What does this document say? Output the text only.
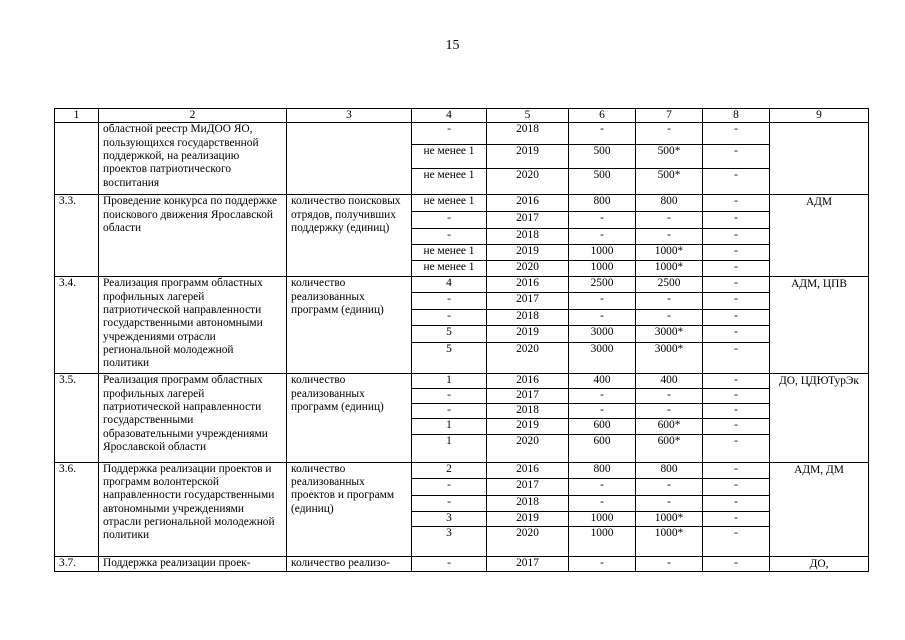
15
1	2	3	4	5	6	7	8	9
	областной реестр МиДОО ЯО, пользующихся государственной поддержкой, на реализацию проектов патриотического воспитания		-	2018	-	-	-	
			не менее 1	2019	500	500*	-	
			не менее 1	2020	500	500*	-	
3.3.	Проведение конкурса по поддержке поискового движения Ярославской области	количество поисковых отрядов, получивших поддержку (единиц)	не менее 1	2016	800	800	-	АДМ
			-	2017	-	-	-	
			-	2018	-	-	-	
			не менее 1	2019	1000	1000*	-	
			не менее 1	2020	1000	1000*	-	
3.4.	Реализация программ областных профильных лагерей патриотической направленности государственными автономными учреждениями отрасли региональной молодежной политики	количество реализованных программ (единиц)	4	2016	2500	2500	-	АДМ, ЦПВ
			-	2017	-	-	-	
			-	2018	-	-	-	
			5	2019	3000	3000*	-	
			5	2020	3000	3000*	-	
3.5.	Реализация программ областных профильных лагерей патриотической направленности государственными образовательными учреждениями Ярославской области	количество реализованных программ (единиц)	1	2016	400	400	-	ДО, ЦДЮТурЭк
			-	2017	-	-	-	
			-	2018	-	-	-	
			1	2019	600	600*	-	
			1	2020	600	600*	-	
3.6.	Поддержка реализации проектов и программ волонтерской направленности государственными автономными учреждениями отрасли региональной молодежной политики	количество реализованных проектов и программ (единиц)	2	2016	800	800	-	АДМ, ДМ
			-	2017	-	-	-	
			-	2018	-	-	-	
			3	2019	1000	1000*	-	
			3	2020	1000	1000*	-	
3.7.	Поддержка реализации проек-	количество реализо-	-	2017	-	-	-	ДО,
